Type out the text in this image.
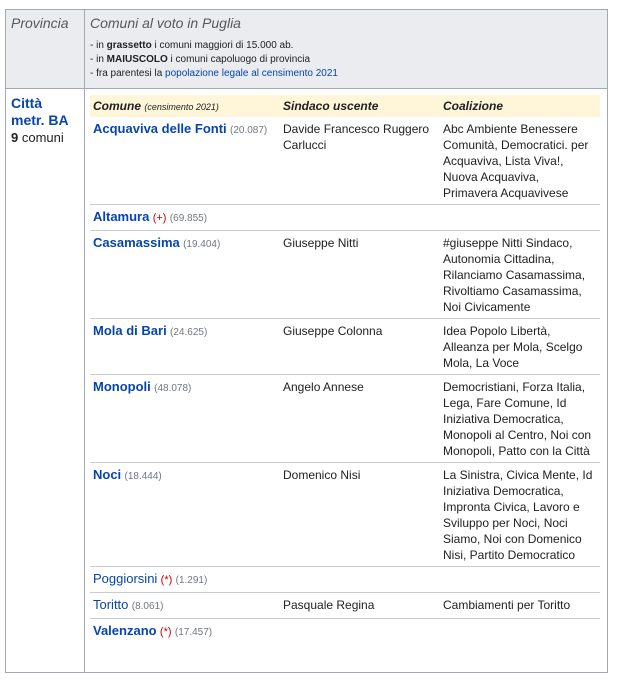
Provincia	Comuni al voto in Puglia
- in grassetto i comuni maggiori di 15.000 ab.
- in MAIUSCOLO i comuni capoluogo di provincia
- fra parentesi la popolazione legale al censimento 2021
Città
metr. BA
9 comuni
Comune (censimento 2021)	Sindaco uscente	Coalizione
Acquaviva delle Fonti (20.087)	Davide Francesco Ruggero Carlucci	Abc Ambiente Benessere Comunità, Democratici. per Acquaviva, Lista Viva!, Nuova Acquaviva, Primavera Acquavivese
Altamura (+) (69.855)		
Casamassima (19.404)	Giuseppe Nitti	#giuseppe Nitti Sindaco, Autonomia Cittadina, Rilanciamo Casamassima, Rivoltiamo Casamassima, Noi Civicamente
Mola di Bari (24.625)	Giuseppe Colonna	Idea Popolo Libertà, Alleanza per Mola, Scelgo Mola, La Voce
Monopoli (48.078)	Angelo Annese	Democristiani, Forza Italia, Lega, Fare Comune, Id Iniziativa Democratica, Monopoli al Centro, Noi con Monopoli, Patto con la Città
Noci (18.444)	Domenico Nisi	La Sinistra, Civica Mente, Id Iniziativa Democratica, Impronta Civica, Lavoro e Sviluppo per Noci, Noci Siamo, Noi con Domenico Nisi, Partito Democratico
Poggiorsini (*) (1.291)		
Toritto (8.061)	Pasquale Regina	Cambiamenti per Toritto
Valenzano (*) (17.457)		
